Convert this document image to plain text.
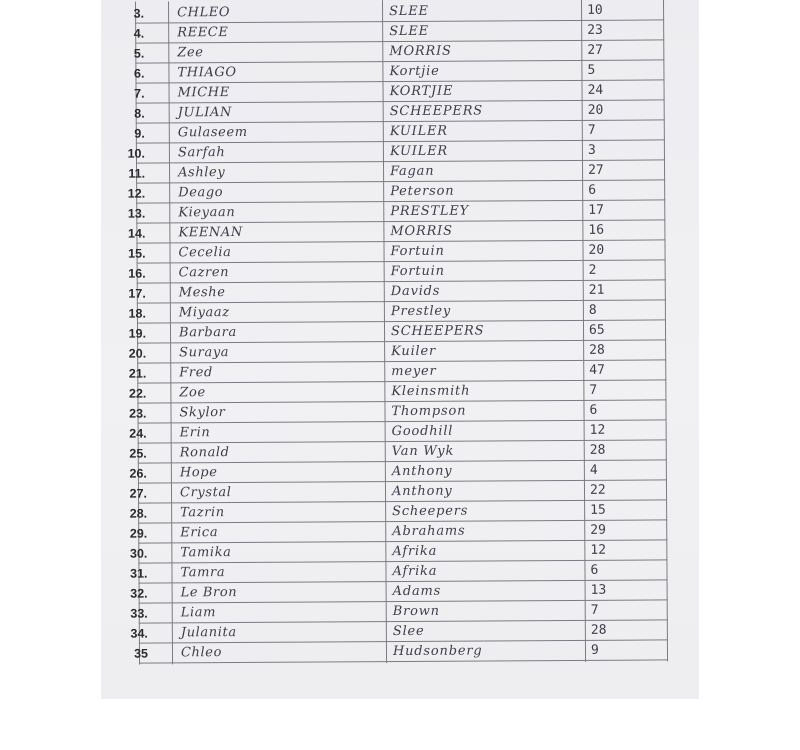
3.	CHLEO	SLEE	10
4.	REECE	SLEE	23
5.	Zee	MORRIS	27
6.	THIAGO	Kortjie	5
7.	MICHE	KORTJIE	24
8.	JULIAN	SCHEEPERS	20
9.	Gulaseem	KUILER	7
10.	Sarfah	KUILER	3
11.	Ashley	Fagan	27
12.	Deago	Peterson	6
13.	Kieyaan	PRESTLEY	17
14.	KEENAN	MORRIS	16
15.	Cecelia	Fortuin	20
16.	Cazren	Fortuin	2
17.	Meshe	Davids	21
18.	Miyaaz	Prestley	8
19.	Barbara	SCHEEPERS	65
20.	Suraya	Kuiler	28
21.	Fred	meyer	47
22.	Zoe	Kleinsmith	7
23.	Skylor	Thompson	6
24.	Erin	Goodhill	12
25.	Ronald	Van Wyk	28
26.	Hope	Anthony	4
27.	Crystal	Anthony	22
28.	Tazrin	Scheepers	15
29.	Erica	Abrahams	29
30.	Tamika	Afrika	12
31.	Tamra	Afrika	6
32.	Le Bron	Adams	13
33.	Liam	Brown	7
34.	Julanita	Slee	28
35	Chleo	Hudsonberg	9
